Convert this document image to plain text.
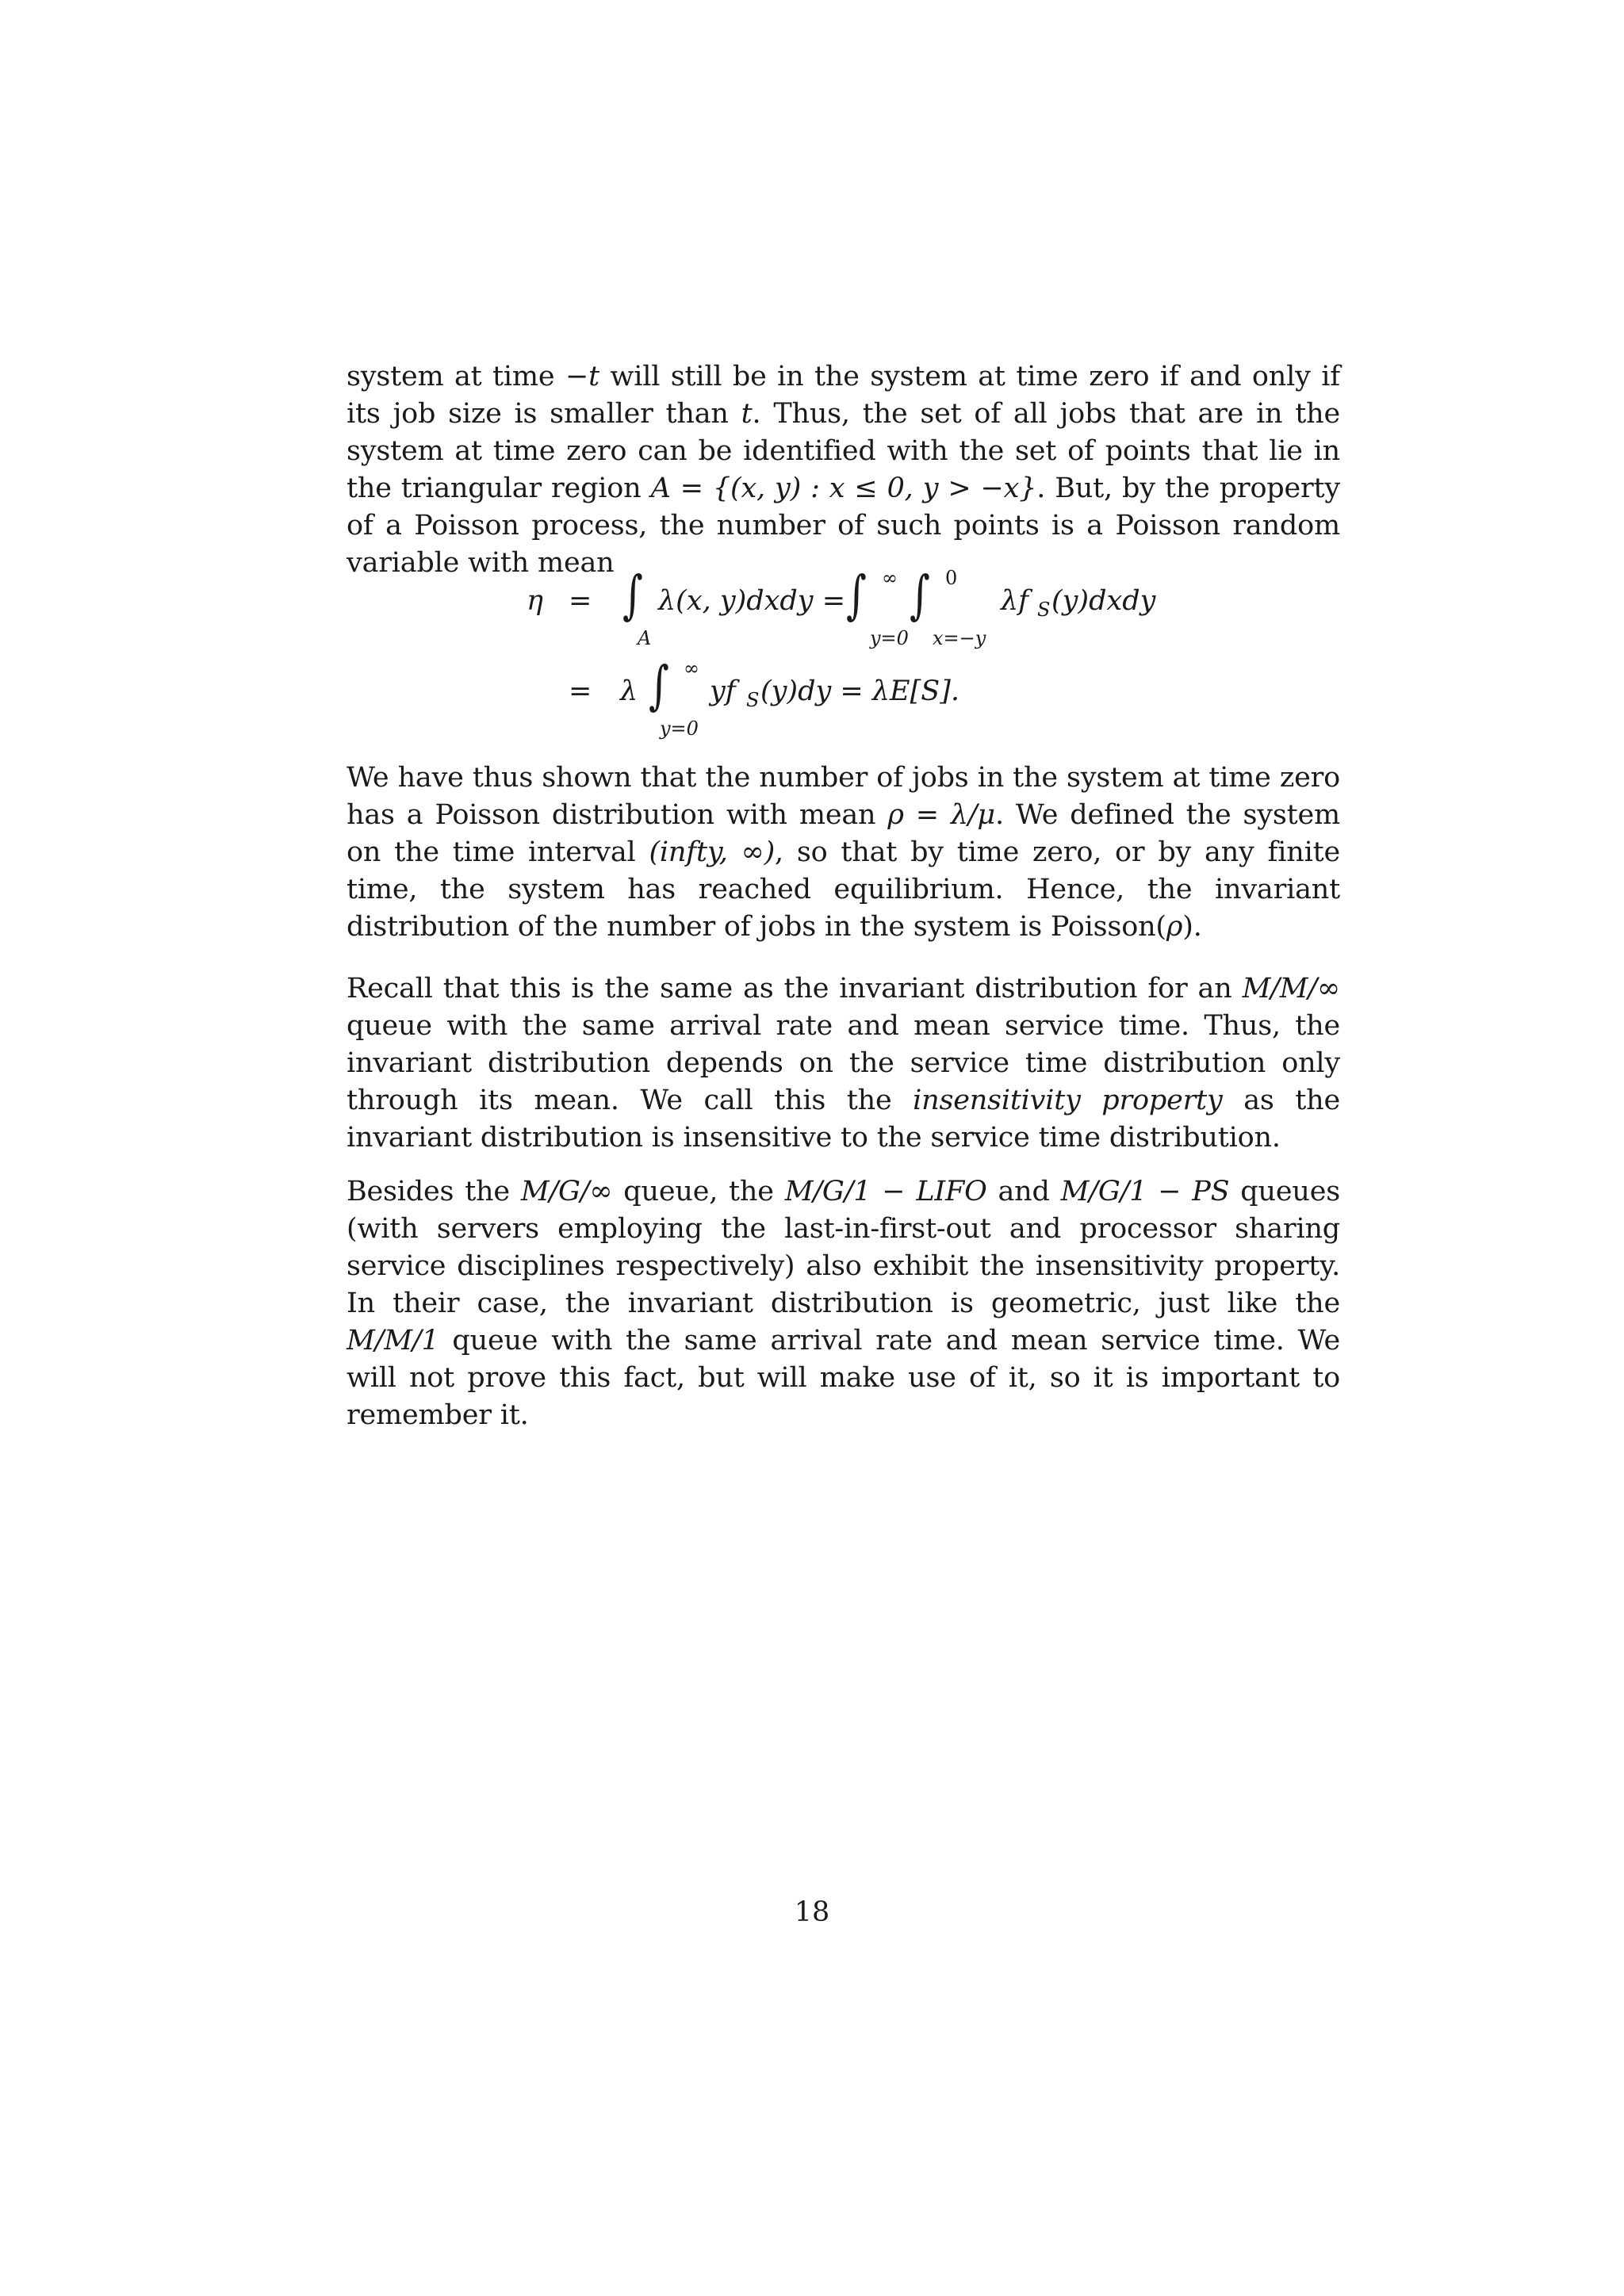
system at time −t will still be in the system at time zero if and only if its job size is smaller than t. Thus, the set of all jobs that are in the system at time zero can be identified with the set of points that lie in the triangular region A = {(x, y) : x ≤ 0, y > −x}. But, by the property of a Poisson process, the number of such points is a Poisson random variable with mean

η = ∫
A
λ(x, y)dxdy = ∫ ∞
y=0
∫ 0
x=−y
λf S (y)dxdy
= λ ∫ ∞
y=0
yf S (y)dy = λE[S].

We have thus shown that the number of jobs in the system at time zero has a Poisson distribution with mean ρ = λ/μ. We defined the system on the time interval (infty, ∞), so that by time zero, or by any finite time, the system has reached equilibrium. Hence, the invariant distribution of the number of jobs in the system is Poisson(ρ).

Recall that this is the same as the invariant distribution for an M/M/∞ queue with the same arrival rate and mean service time. Thus, the invariant distribution depends on the service time distribution only through its mean. We call this the insensitivity property as the invariant distribution is insensitive to the service time distribution.

Besides the M/G/∞ queue, the M/G/1 − LIFO and M/G/1 − PS queues (with servers employing the last-in-first-out and processor sharing service disciplines respectively) also exhibit the insensitivity property. In their case, the invariant distribution is geometric, just like the M/M/1 queue with the same arrival rate and mean service time. We will not prove this fact, but will make use of it, so it is important to remember it.

18
